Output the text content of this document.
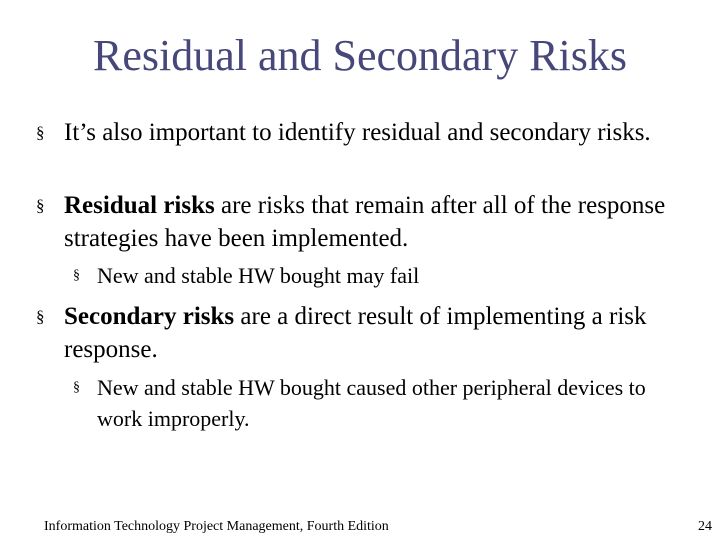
Residual and Secondary Risks
§ It’s also important to identify residual and secondary risks.
§ Residual risks are risks that remain after all of the response strategies have been implemented.
§ New and stable HW bought may fail
§ Secondary risks are a direct result of implementing a risk response.
§ New and stable HW bought caused other peripheral devices to work improperly.
Information Technology Project Management, Fourth Edition	24
